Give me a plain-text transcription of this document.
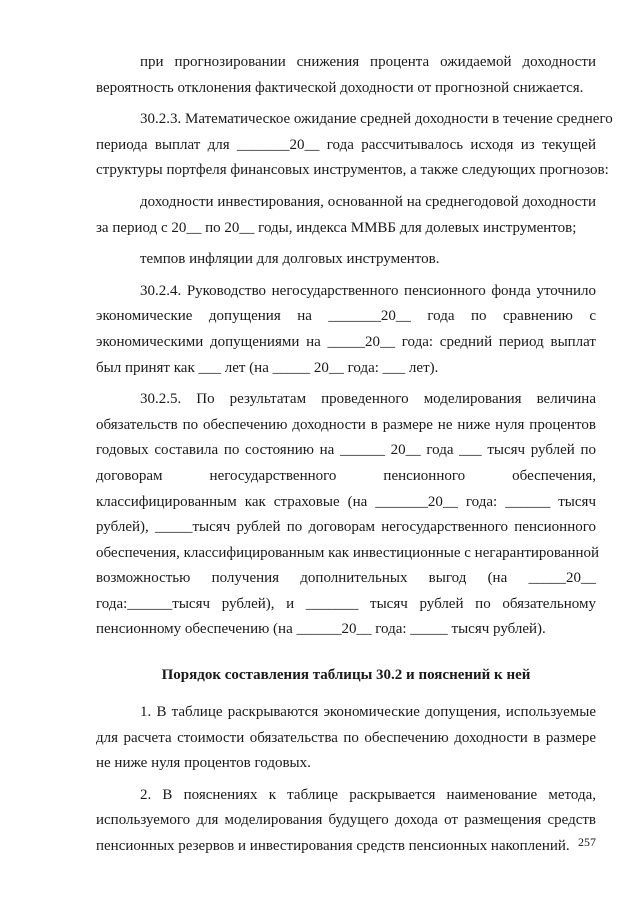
при прогнозировании снижения процента ожидаемой доходности
вероятность отклонения фактической доходности от прогнозной снижается.

30.2.3. Математическое ожидание средней доходности в течение среднего
периода выплат для _______20__ года рассчитывалось исходя из текущей
структуры портфеля финансовых инструментов, а также следующих прогнозов:

доходности инвестирования, основанной на среднегодовой доходности
за период с 20__ по 20__ годы, индекса ММВБ для долевых инструментов;

темпов инфляции для долговых инструментов.

30.2.4. Руководство негосударственного пенсионного фонда уточнило
экономические допущения на _______20__ года по сравнению с
экономическими допущениями на _____20__ года: средний период выплат
был принят как ___ лет (на _____ 20__ года: ___ лет).

30.2.5. По результатам проведенного моделирования величина
обязательств по обеспечению доходности в размере не ниже нуля процентов
годовых составила по состоянию на ______ 20__ года ___ тысяч рублей по
договорам негосударственного пенсионного обеспечения,
классифицированным как страховые (на _______20__ года: ______ тысяч
рублей), _____тысяч рублей по договорам негосударственного пенсионного
обеспечения, классифицированным как инвестиционные с негарантированной
возможностью получения дополнительных выгод (на _____20__
года:______тысяч рублей), и _______ тысяч рублей по обязательному
пенсионному обеспечению (на ______20__ года: _____ тысяч рублей).

Порядок составления таблицы 30.2 и пояснений к ней

1. В таблице раскрываются экономические допущения, используемые
для расчета стоимости обязательства по обеспечению доходности в размере
не ниже нуля процентов годовых.

2. В пояснениях к таблице раскрывается наименование метода,
используемого для моделирования будущего дохода от размещения средств
пенсионных резервов и инвестирования средств пенсионных накоплений. 257
